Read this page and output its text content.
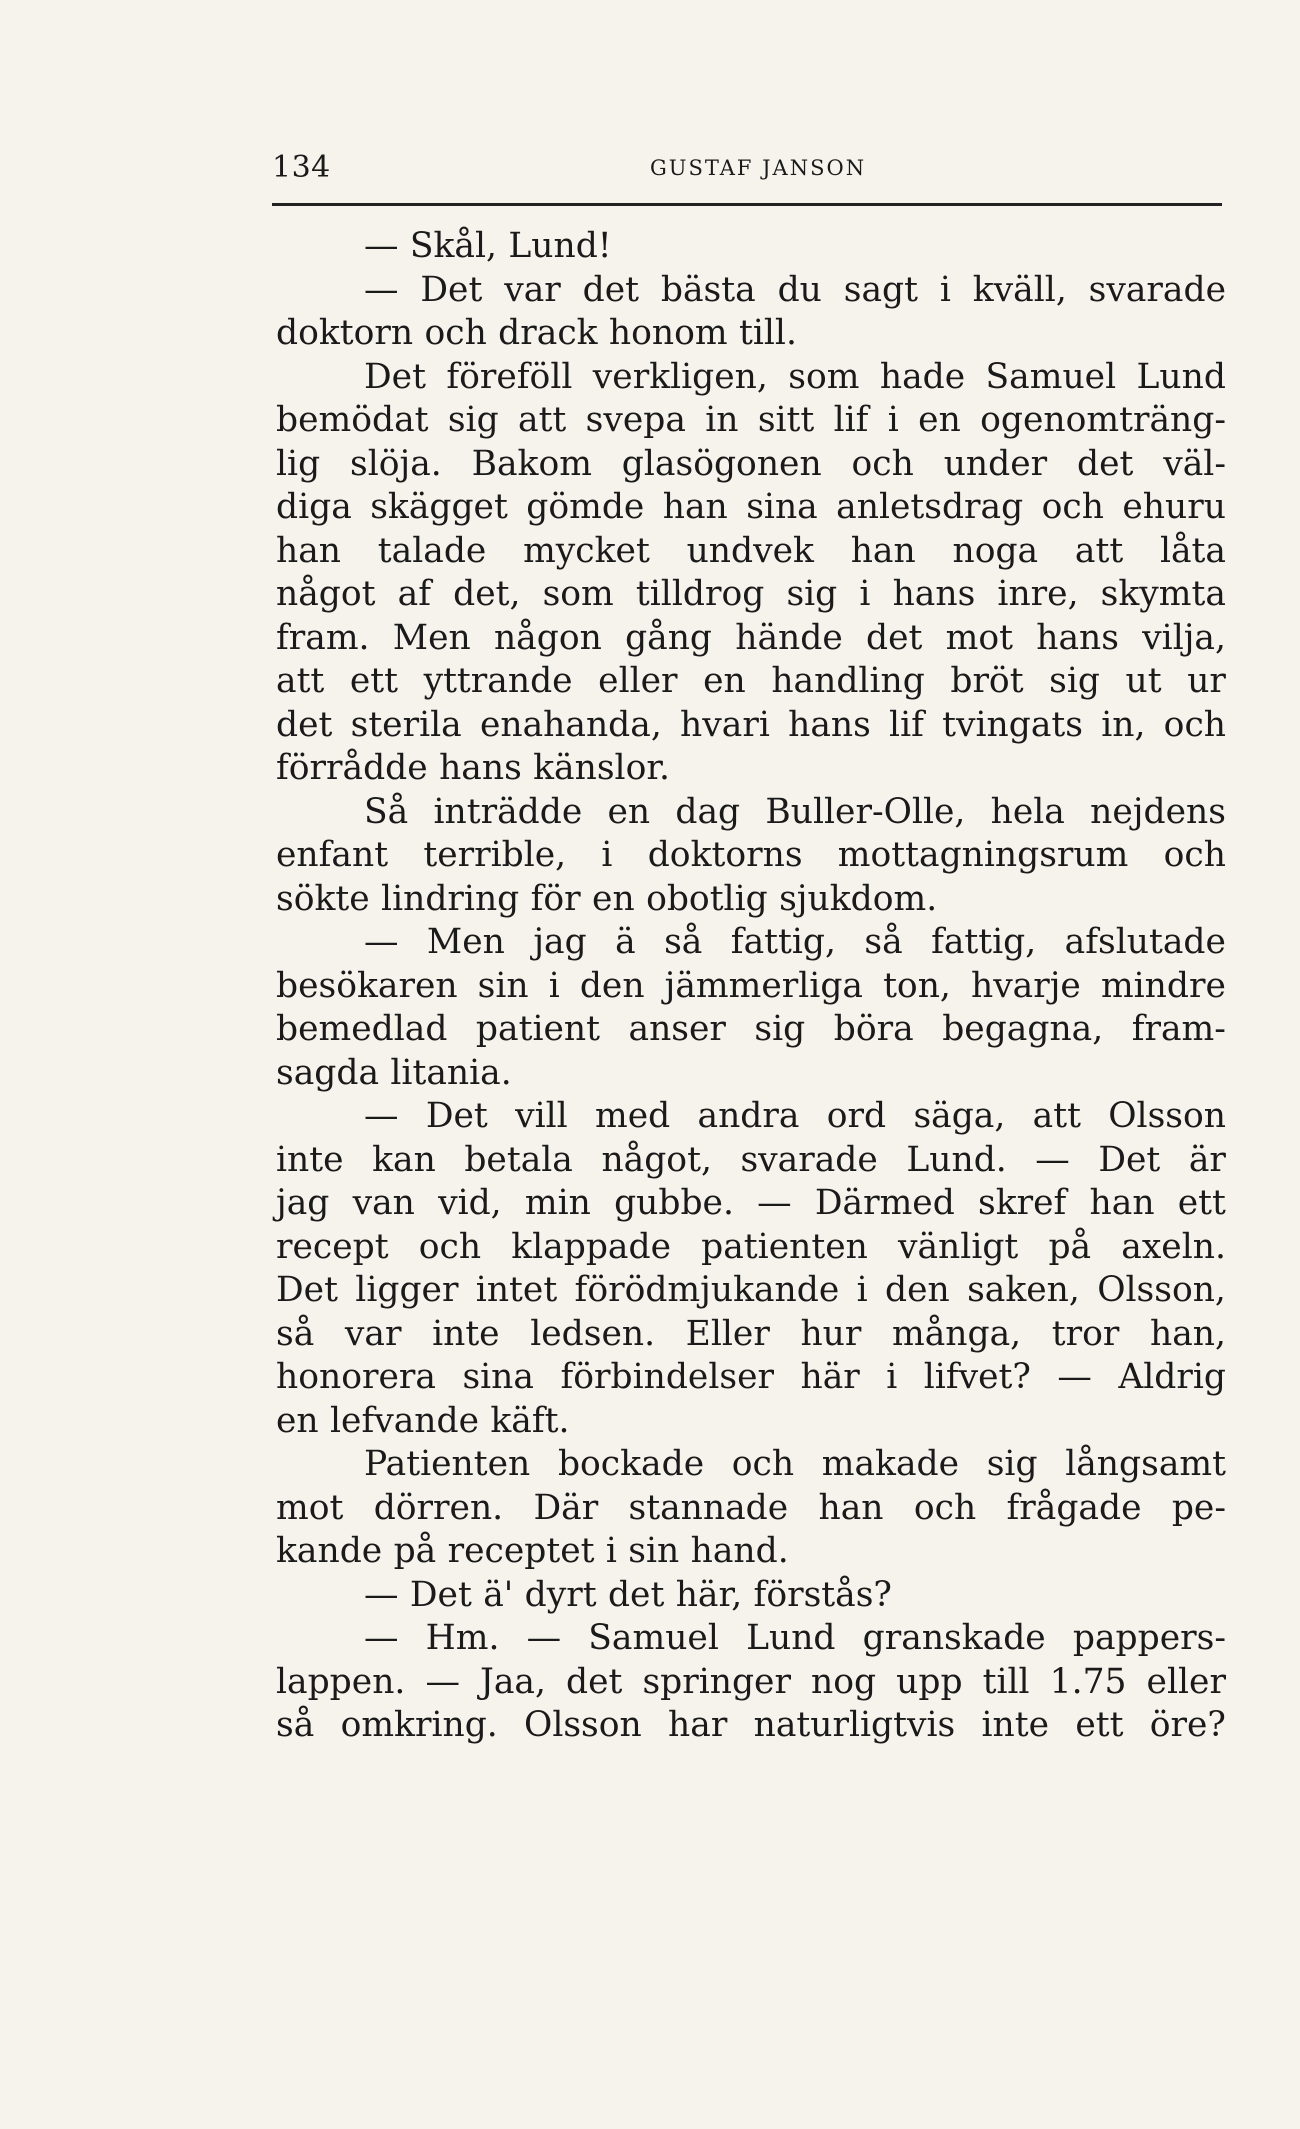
134	GUSTAF JANSON
— Skål, Lund!
— Det var det bästa du sagt i kväll, svarade
doktorn och drack honom till.
Det föreföll verkligen, som hade Samuel Lund
bemödat sig att svepa in sitt lif i en ogenomträng-
lig slöja. Bakom glasögonen och under det väl-
diga skägget gömde han sina anletsdrag och ehuru
han talade mycket undvek han noga att låta
något af det, som tilldrog sig i hans inre, skymta
fram. Men någon gång hände det mot hans vilja,
att ett yttrande eller en handling bröt sig ut ur
det sterila enahanda, hvari hans lif tvingats in, och
förrådde hans känslor.
Så inträdde en dag Buller-Olle, hela nejdens
enfant terrible, i doktorns mottagningsrum och
sökte lindring för en obotlig sjukdom.
— Men jag ä så fattig, så fattig, afslutade
besökaren sin i den jämmerliga ton, hvarje mindre
bemedlad patient anser sig böra begagna, fram-
sagda litania.
— Det vill med andra ord säga, att Olsson
inte kan betala något, svarade Lund. — Det är
jag van vid, min gubbe. — Därmed skref han ett
recept och klappade patienten vänligt på axeln.
Det ligger intet förödmjukande i den saken, Olsson,
så var inte ledsen. Eller hur många, tror han,
honorera sina förbindelser här i lifvet? — Aldrig
en lefvande käft.
Patienten bockade och makade sig långsamt
mot dörren. Där stannade han och frågade pe-
kande på receptet i sin hand.
— Det ä' dyrt det här, förstås?
— Hm. — Samuel Lund granskade pappers-
lappen. — Jaa, det springer nog upp till 1.75 eller
så omkring. Olsson har naturligtvis inte ett öre?
